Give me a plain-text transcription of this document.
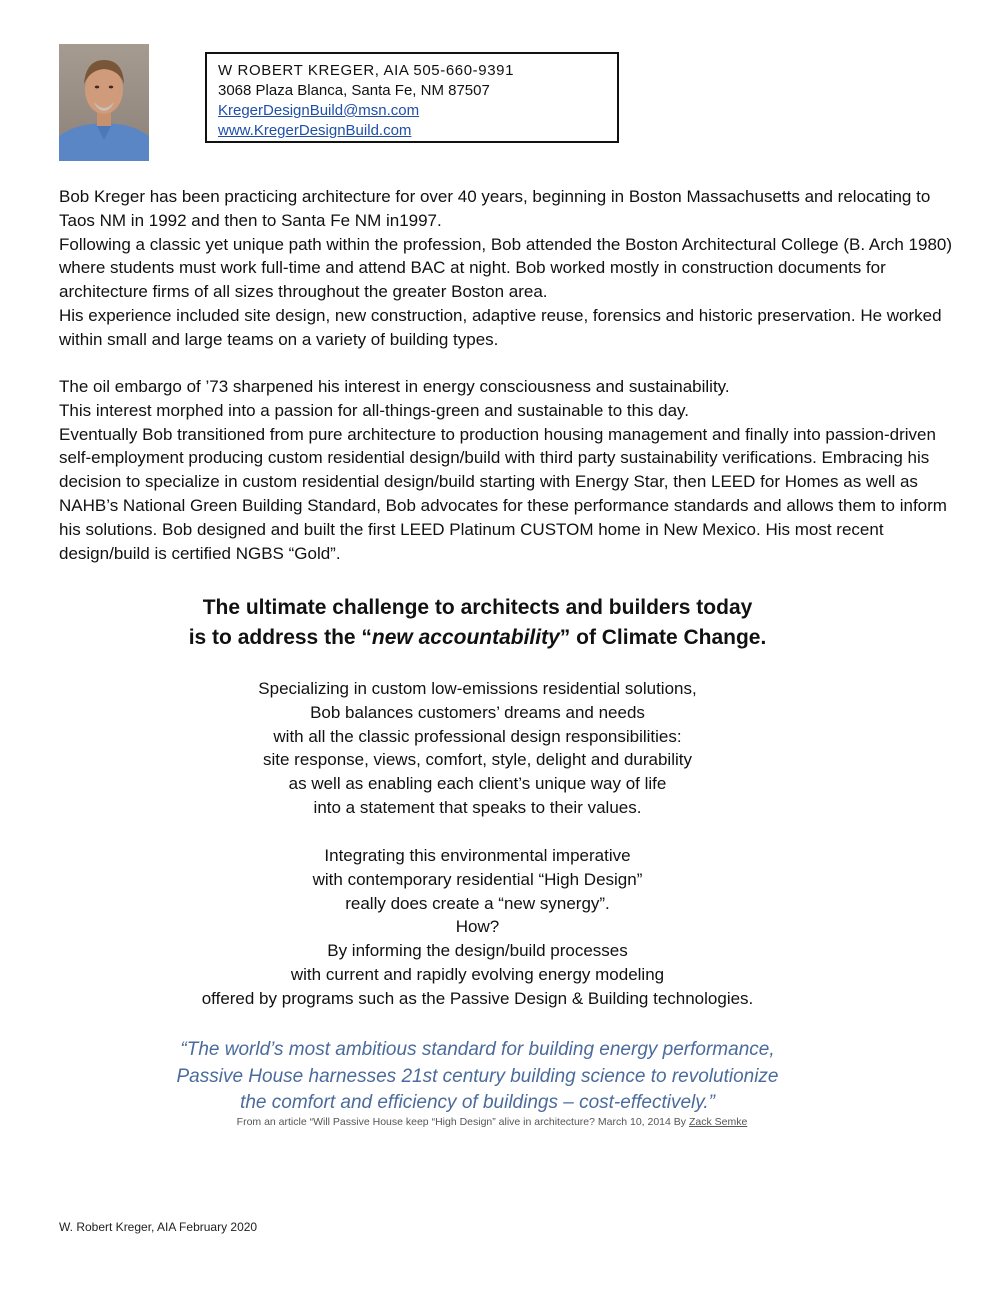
W ROBERT KREGER, AIA 505-660-9391
3068 Plaza Blanca, Santa Fe, NM 87507
KregerDesignBuild@msn.com
www.KregerDesignBuild.com

Bob Kreger has been practicing architecture for over 40 years, beginning in Boston Massachusetts and relocating to Taos NM in 1992 and then to Santa Fe NM in1997.

Following a classic yet unique path within the profession, Bob attended the Boston Architectural College (B. Arch 1980) where students must work full-time and attend BAC at night. Bob worked mostly in construction documents for architecture firms of all sizes throughout the greater Boston area.

His experience included site design, new construction, adaptive reuse, forensics and historic preservation. He worked within small and large teams on a variety of building types.

The oil embargo of ’73 sharpened his interest in energy consciousness and sustainability.

This interest morphed into a passion for all-things-green and sustainable to this day.

Eventually Bob transitioned from pure architecture to production housing management and finally into passion-driven self-employment producing custom residential design/build with third party sustainability verifications. Embracing his decision to specialize in custom residential design/build starting with Energy Star, then LEED for Homes as well as NAHB’s National Green Building Standard, Bob advocates for these performance standards and allows them to inform his solutions. Bob designed and built the first LEED Platinum CUSTOM home in New Mexico. His most recent design/build is certified NGBS “Gold”.

The ultimate challenge to architects and builders today
is to address the “new accountability” of Climate Change.
Specializing in custom low-emissions residential solutions,
Bob balances customers’ dreams and needs
with all the classic professional design responsibilities:
site response, views, comfort, style, delight and durability
as well as enabling each client’s unique way of life
into a statement that speaks to their values.
Integrating this environmental imperative
with contemporary residential “High Design”
really does create a “new synergy”.
How?
By informing the design/build processes
with current and rapidly evolving energy modeling
offered by programs such as the Passive Design & Building technologies.
“The world’s most ambitious standard for building energy performance,
Passive House harnesses 21st century building science to revolutionize
the comfort and efficiency of buildings – cost-effectively.”
From an article “Will Passive House keep “High Design” alive in architecture? March 10, 2014 By Zack Semke
W. Robert Kreger, AIA February 2020
